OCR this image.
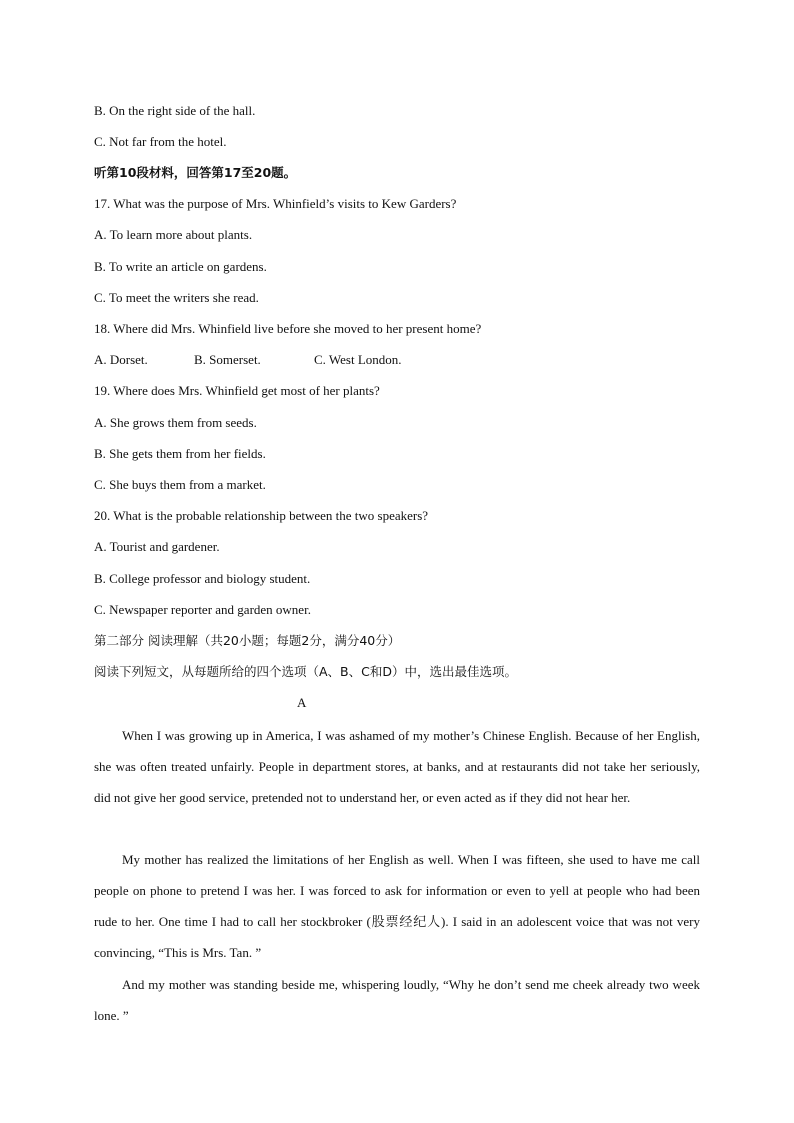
B. On the right side of the hall.
C. Not far from the hotel.
听第10段材料，回答第17至20题。
17. What was the purpose of Mrs. Whinfield’s visits to Kew Garders?
A. To learn more about plants.
B. To write an article on gardens.
C. To meet the writers she read.
18. Where did Mrs. Whinfield live before she moved to her present home?
A. Dorset.	B. Somerset.	C. West London.
19. Where does Mrs. Whinfield get most of her plants?
A. She grows them from seeds.
B. She gets them from her fields.
C. She buys them from a market.
20. What is the probable relationship between the two speakers?
A. Tourist and gardener.
B. College professor and biology student.
C. Newspaper reporter and garden owner.
第二部分 阅读理解（共20小题；每题2分，满分40分）
阅读下列短文，从每题所给的四个选项（A、B、C和D）中，选出最佳选项。
A

When I was growing up in America, I was ashamed of my mother’s Chinese English. Because of her English, she was often treated unfairly. People in department stores, at banks, and at restaurants did not take her seriously, did not give her good service, pretended not to understand her, or even acted as if they did not hear her.

My mother has realized the limitations of her English as well. When I was fifteen, she used to have me call people on phone to pretend I was her. I was forced to ask for information or even to yell at people who had been rude to her. One time I had to call her stockbroker (股票经纪人). I said in an adolescent voice that was not very convincing, “This is Mrs. Tan. ”

And my mother was standing beside me, whispering loudly, “Why he don’t send me cheek already two week lone. ”
